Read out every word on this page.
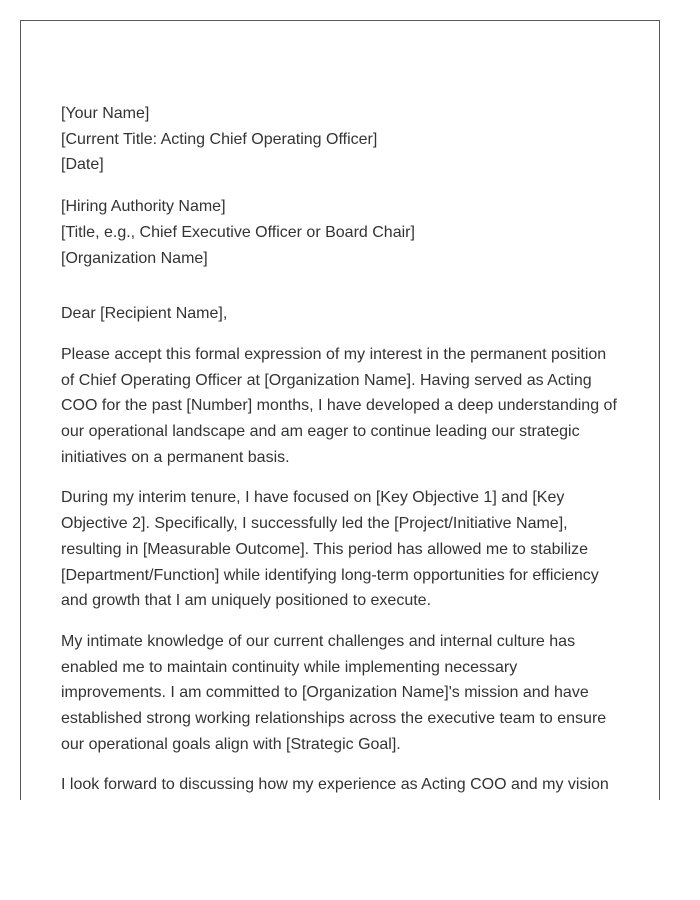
[Your Name]
[Current Title: Acting Chief Operating Officer]
[Date]
[Hiring Authority Name]
[Title, e.g., Chief Executive Officer or Board Chair]
[Organization Name]

Dear [Recipient Name],

Please accept this formal expression of my interest in the permanent position
of Chief Operating Officer at [Organization Name]. Having served as Acting
COO for the past [Number] months, I have developed a deep understanding of
our operational landscape and am eager to continue leading our strategic
initiatives on a permanent basis.

During my interim tenure, I have focused on [Key Objective 1] and [Key
Objective 2]. Specifically, I successfully led the [Project/Initiative Name],
resulting in [Measurable Outcome]. This period has allowed me to stabilize
[Department/Function] while identifying long-term opportunities for efficiency
and growth that I am uniquely positioned to execute.

My intimate knowledge of our current challenges and internal culture has
enabled me to maintain continuity while implementing necessary
improvements. I am committed to [Organization Name]'s mission and have
established strong working relationships across the executive team to ensure
our operational goals align with [Strategic Goal].

I look forward to discussing how my experience as Acting COO and my vision
